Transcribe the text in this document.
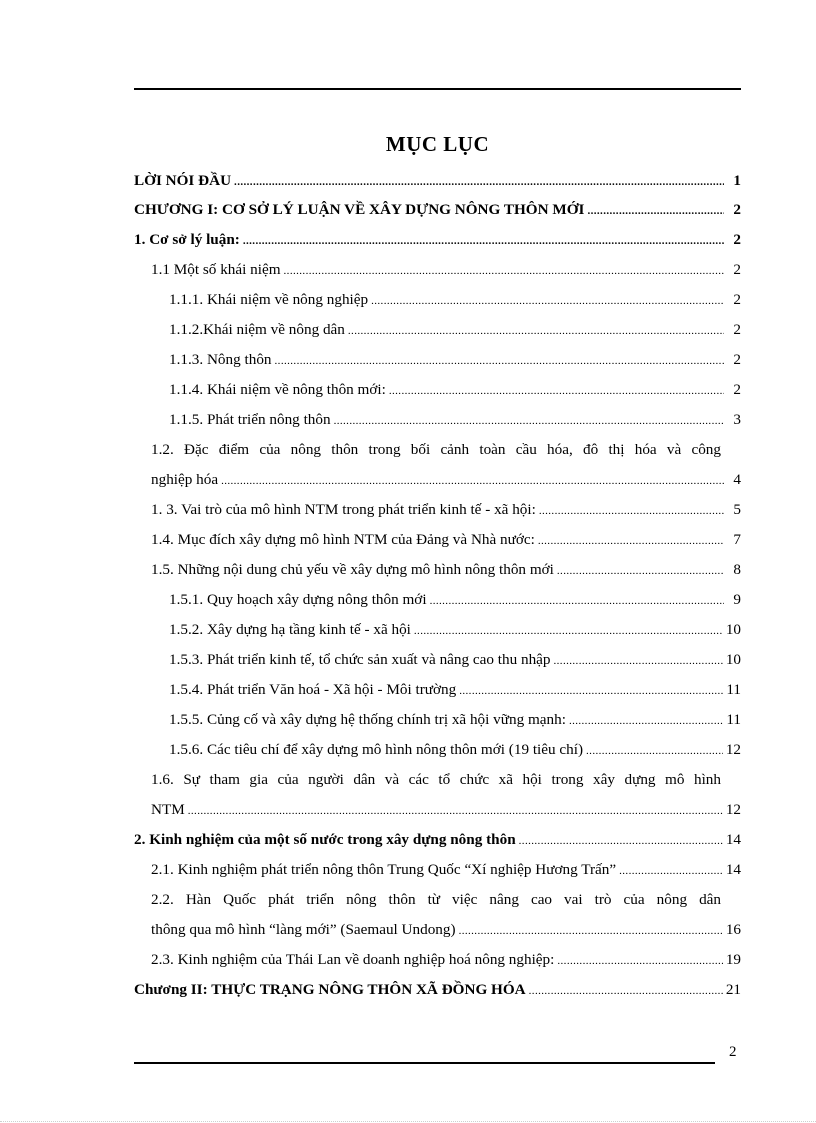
MỤC LỤC
LỜI NÓI ĐẦU .....	1
CHƯƠNG I: CƠ SỞ LÝ LUẬN VỀ XÂY DỰNG NÔNG THÔN MỚI .....	2
1. Cơ sở lý luận: .....	2
1.1 Một số khái niệm .....	2
1.1.1. Khái niệm về nông nghiệp .....	2
1.1.2.Khái niệm về nông dân .....	2
1.1.3. Nông thôn .....	2
1.1.4. Khái niệm về nông thôn mới: .....	2
1.1.5. Phát triển nông thôn .....	3
1.2. Đặc điểm của nông thôn trong bối cảnh toàn cầu hóa, đô thị hóa và công
nghiệp hóa .....	4
1. 3. Vai trò của mô hình NTM trong phát triển kinh tế - xã hội: .....	5
1.4. Mục đích xây dựng mô hình NTM của Đảng và Nhà nước: .....	7
1.5. Những nội dung chủ yếu về xây dựng mô hình nông thôn mới .....	8
1.5.1. Quy hoạch xây dựng nông thôn mới .....	9
1.5.2. Xây dựng hạ tầng kinh tế - xã hội .....	10
1.5.3. Phát triển kinh tế, tổ chức sản xuất và nâng cao thu nhập .....	10
1.5.4. Phát triển Văn hoá - Xã hội - Môi trường .....	11
1.5.5. Củng cố và xây dựng hệ thống chính trị xã hội vững mạnh: .....	11
1.5.6. Các tiêu chí để xây dựng mô hình nông thôn mới (19 tiêu chí) .....	12
1.6. Sự tham gia của người dân và các tổ chức xã hội trong xây dựng mô hình
NTM .....	12
2. Kinh nghiệm của một số nước trong xây dựng nông thôn .....	14
2.1. Kinh nghiệm phát triển nông thôn Trung Quốc “Xí nghiệp Hương Trấn” .....	14
2.2. Hàn Quốc phát triển nông thôn từ việc nâng cao vai trò của nông dân
thông qua mô hình “làng mới” (Saemaul Undong) .....	16
2.3. Kinh nghiệm của Thái Lan về doanh nghiệp hoá nông nghiệp: .....	19
Chương II: THỰC TRẠNG NÔNG THÔN XÃ ĐỒNG HÓA .....	21
2
